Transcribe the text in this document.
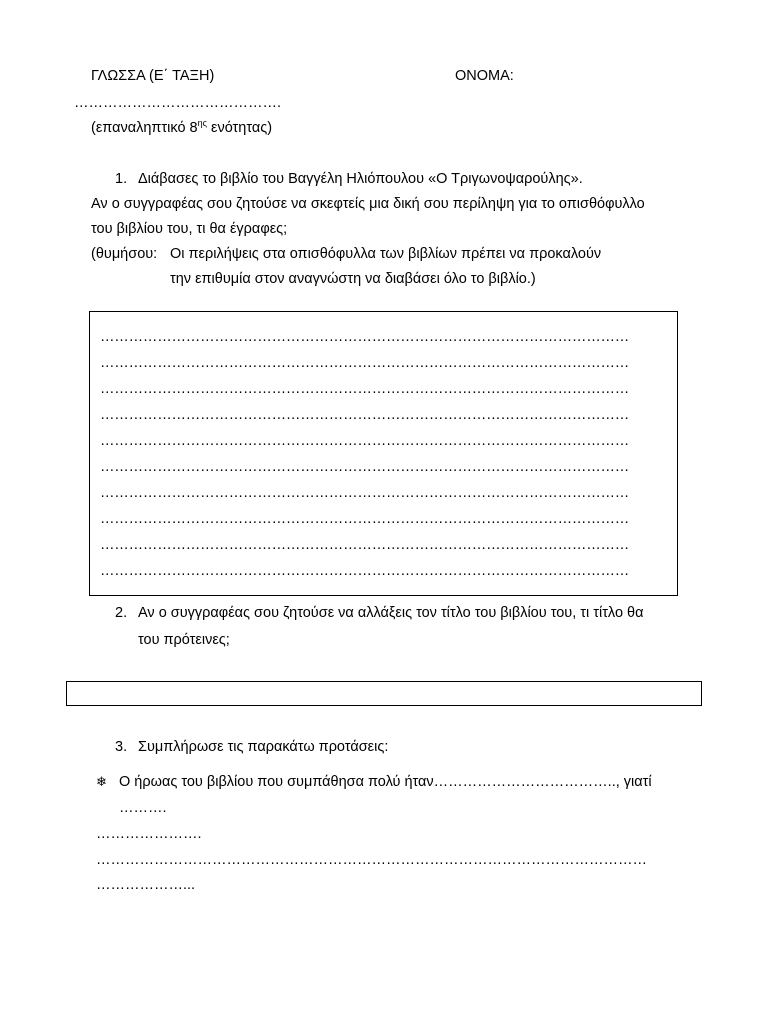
ΓΛΩΣΣΑ (Ε΄ ΤΑΞΗ)	ΟΝΟΜΑ:
…………………………………….
(επαναληπτικό $8^{\eta\varsigma}$ ενότητας)
1. Διάβασες το βιβλίο του Βαγγέλη Ηλιόπουλου «Ο Τριγωνοψαρούλης».
Αν ο συγγραφέας σου ζητούσε να σκεφτείς μια δική σου περίληψη για το οπισθόφυλλο
του βιβλίου του, τι θα έγραφες;
(θυμήσου: Οι περιλήψεις στα οπισθόφυλλα των βιβλίων πρέπει να προκαλούν
την επιθυμία στον αναγνώστη να διαβάσει όλο το βιβλίο.)
…………………………………………………………………………………………………
…………………………………………………………………………………………………
…………………………………………………………………………………………………
…………………………………………………………………………………………………
…………………………………………………………………………………………………
…………………………………………………………………………………………………
…………………………………………………………………………………………………
…………………………………………………………………………………………………
…………………………………………………………………………………………………
…………………………………………………………………………………………………
2. Αν ο συγγραφέας σου ζητούσε να αλλάξεις τον τίτλο του βιβλίου του, τι τίτλο θα
του πρότεινες;
3. Συμπλήρωσε τις παρακάτω προτάσεις:
❄ Ο ήρωας του βιβλίου που συμπάθησα πολύ ήταν……………………………….., γιατί
……….
………………….
……………………………………………………………………………………………………
………………...
